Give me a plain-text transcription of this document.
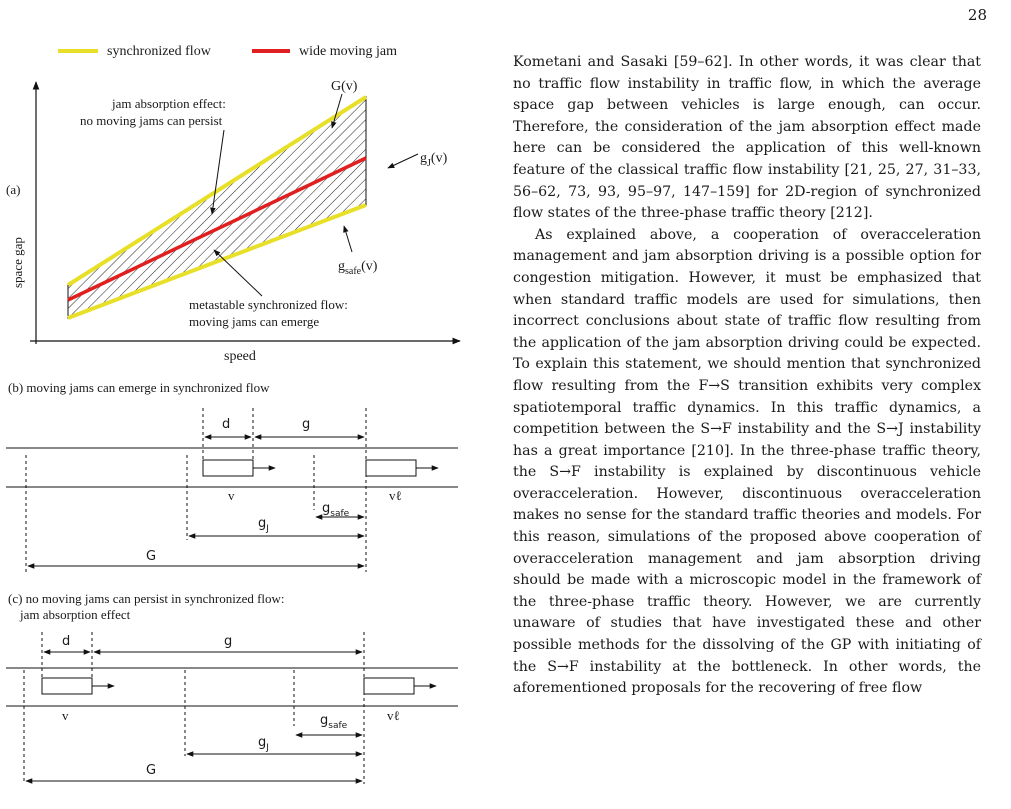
28
synchronized flow	wide moving jam
space gap
speed
(a)
G(v)
$g_J(v)$
$g_{safe}(v)$
jam absorption effect:
no moving jams can persist
metastable synchronized flow:
moving jams can emerge
(b) moving jams can emerge in synchronized flow
d	g
v	vℓ
$g_{safe}$
$g_J$
G
(c) no moving jams can persist in synchronized flow:
jam absorption effect
d	g
v	vℓ
$g_{safe}$
$g_J$
G

Kometani and Sasaki [59–62]. In other words, it was clear that no traffic flow instability in traffic flow, in which the average space gap between vehicles is large enough, can occur. Therefore, the consideration of the jam absorption effect made here can be considered the application of this well-known feature of the classical traffic flow instability [21, 25, 27, 31–33, 56–62, 73, 93, 95–97, 147–159] for 2D-region of synchronized flow states of the three-phase traffic theory [212].

As explained above, a cooperation of overacceleration management and jam absorption driving is a possible option for congestion mitigation. However, it must be emphasized that when standard traffic models are used for simulations, then incorrect conclusions about state of traffic flow resulting from the application of the jam absorption driving could be expected. To explain this statement, we should mention that synchronized flow resulting from the F→S transition exhibits very complex spatiotemporal traffic dynamics. In this traffic dynamics, a competition between the S→F instability and the S→J instability has a great importance [210]. In the three-phase traffic theory, the S→F instability is explained by discontinuous vehicle overacceleration. However, discontinuous overacceleration makes no sense for the standard traffic theories and models. For this reason, simulations of the proposed above cooperation of overacceleration management and jam absorption driving should be made with a microscopic model in the framework of the three-phase traffic theory. However, we are currently unaware of studies that have investigated these and other possible methods for the dissolving of the GP with initiating of the S→F instability at the bottleneck. In other words, the aforementioned proposals for the recovering of free flow
